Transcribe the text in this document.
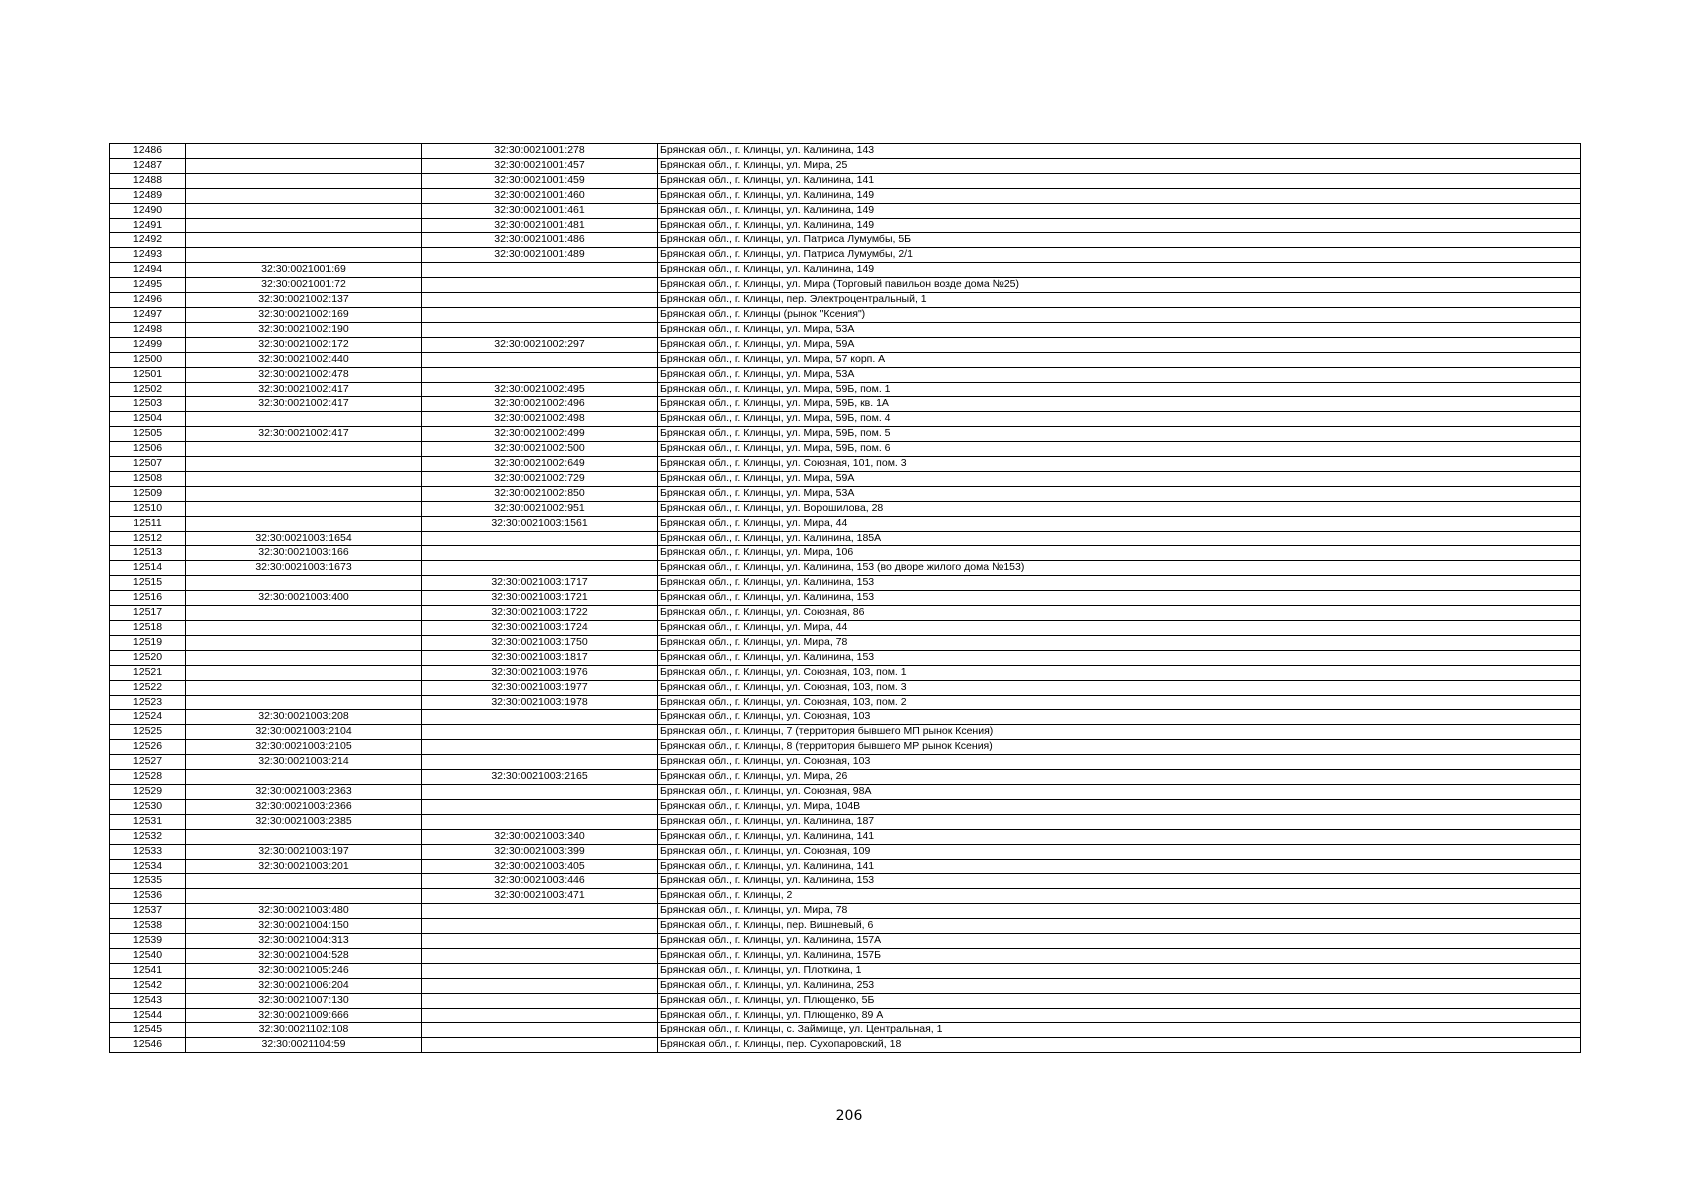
12486		32:30:0021001:278	Брянская обл., г. Клинцы, ул. Калинина, 143
12487		32:30:0021001:457	Брянская обл., г. Клинцы, ул. Мира, 25
12488		32:30:0021001:459	Брянская обл., г. Клинцы, ул. Калинина, 141
12489		32:30:0021001:460	Брянская обл., г. Клинцы, ул. Калинина, 149
12490		32:30:0021001:461	Брянская обл., г. Клинцы, ул. Калинина, 149
12491		32:30:0021001:481	Брянская обл., г. Клинцы, ул. Калинина, 149
12492		32:30:0021001:486	Брянская обл., г. Клинцы, ул. Патриса Лумумбы, 5Б
12493		32:30:0021001:489	Брянская обл., г. Клинцы, ул. Патриса Лумумбы, 2/1
12494	32:30:0021001:69		Брянская обл., г. Клинцы, ул. Калинина, 149
12495	32:30:0021001:72		Брянская обл., г. Клинцы, ул. Мира (Торговый павильон возде дома №25)
12496	32:30:0021002:137		Брянская обл., г. Клинцы, пер. Электроцентральный, 1
12497	32:30:0021002:169		Брянская обл., г. Клинцы (рынок "Ксения")
12498	32:30:0021002:190		Брянская обл., г. Клинцы, ул. Мира, 53А
12499	32:30:0021002:172	32:30:0021002:297	Брянская обл., г. Клинцы, ул. Мира, 59А
12500	32:30:0021002:440		Брянская обл., г. Клинцы, ул. Мира, 57 корп. А
12501	32:30:0021002:478		Брянская обл., г. Клинцы, ул. Мира, 53А
12502	32:30:0021002:417	32:30:0021002:495	Брянская обл., г. Клинцы, ул. Мира, 59Б, пом. 1
12503	32:30:0021002:417	32:30:0021002:496	Брянская обл., г. Клинцы, ул. Мира, 59Б, кв. 1А
12504		32:30:0021002:498	Брянская обл., г. Клинцы, ул. Мира, 59Б, пом. 4
12505	32:30:0021002:417	32:30:0021002:499	Брянская обл., г. Клинцы, ул. Мира, 59Б, пом. 5
12506		32:30:0021002:500	Брянская обл., г. Клинцы, ул. Мира, 59Б, пом. 6
12507		32:30:0021002:649	Брянская обл., г. Клинцы, ул. Союзная, 101, пом. 3
12508		32:30:0021002:729	Брянская обл., г. Клинцы, ул. Мира, 59А
12509		32:30:0021002:850	Брянская обл., г. Клинцы, ул. Мира, 53А
12510		32:30:0021002:951	Брянская обл., г. Клинцы, ул. Ворошилова, 28
12511		32:30:0021003:1561	Брянская обл., г. Клинцы, ул. Мира, 44
12512	32:30:0021003:1654		Брянская обл., г. Клинцы, ул. Калинина, 185А
12513	32:30:0021003:166		Брянская обл., г. Клинцы, ул. Мира, 106
12514	32:30:0021003:1673		Брянская обл., г. Клинцы, ул. Калинина, 153 (во дворе жилого дома №153)
12515		32:30:0021003:1717	Брянская обл., г. Клинцы, ул. Калинина, 153
12516	32:30:0021003:400	32:30:0021003:1721	Брянская обл., г. Клинцы, ул. Калинина, 153
12517		32:30:0021003:1722	Брянская обл., г. Клинцы, ул. Союзная, 86
12518		32:30:0021003:1724	Брянская обл., г. Клинцы, ул. Мира, 44
12519		32:30:0021003:1750	Брянская обл., г. Клинцы, ул. Мира, 78
12520		32:30:0021003:1817	Брянская обл., г. Клинцы, ул. Калинина, 153
12521		32:30:0021003:1976	Брянская обл., г. Клинцы, ул. Союзная, 103, пом. 1
12522		32:30:0021003:1977	Брянская обл., г. Клинцы, ул. Союзная, 103, пом. 3
12523		32:30:0021003:1978	Брянская обл., г. Клинцы, ул. Союзная, 103, пом. 2
12524	32:30:0021003:208		Брянская обл., г. Клинцы, ул. Союзная, 103
12525	32:30:0021003:2104		Брянская обл., г. Клинцы, 7 (территория бывшего МП рынок Ксения)
12526	32:30:0021003:2105		Брянская обл., г. Клинцы, 8 (территория бывшего МР рынок Ксения)
12527	32:30:0021003:214		Брянская обл., г. Клинцы, ул. Союзная, 103
12528		32:30:0021003:2165	Брянская обл., г. Клинцы, ул. Мира, 26
12529	32:30:0021003:2363		Брянская обл., г. Клинцы, ул. Союзная, 98А
12530	32:30:0021003:2366		Брянская обл., г. Клинцы, ул. Мира, 104В
12531	32:30:0021003:2385		Брянская обл., г. Клинцы, ул. Калинина, 187
12532		32:30:0021003:340	Брянская обл., г. Клинцы, ул. Калинина, 141
12533	32:30:0021003:197	32:30:0021003:399	Брянская обл., г. Клинцы, ул. Союзная, 109
12534	32:30:0021003:201	32:30:0021003:405	Брянская обл., г. Клинцы, ул. Калинина, 141
12535		32:30:0021003:446	Брянская обл., г. Клинцы, ул. Калинина, 153
12536		32:30:0021003:471	Брянская обл., г. Клинцы, 2
12537	32:30:0021003:480		Брянская обл., г. Клинцы, ул. Мира, 78
12538	32:30:0021004:150		Брянская обл., г. Клинцы, пер. Вишневый, 6
12539	32:30:0021004:313		Брянская обл., г. Клинцы, ул. Калинина, 157А
12540	32:30:0021004:528		Брянская обл., г. Клинцы, ул. Калинина, 157Б
12541	32:30:0021005:246		Брянская обл., г. Клинцы, ул. Плоткина, 1
12542	32:30:0021006:204		Брянская обл., г. Клинцы, ул. Калинина, 253
12543	32:30:0021007:130		Брянская обл., г. Клинцы, ул. Плющенко, 5Б
12544	32:30:0021009:666		Брянская обл., г. Клинцы, ул. Плющенко, 89 А
12545	32:30:0021102:108		Брянская обл., г. Клинцы, с. Займище, ул. Центральная, 1
12546	32:30:0021104:59		Брянская обл., г. Клинцы, пер. Сухопаровский, 18
206
